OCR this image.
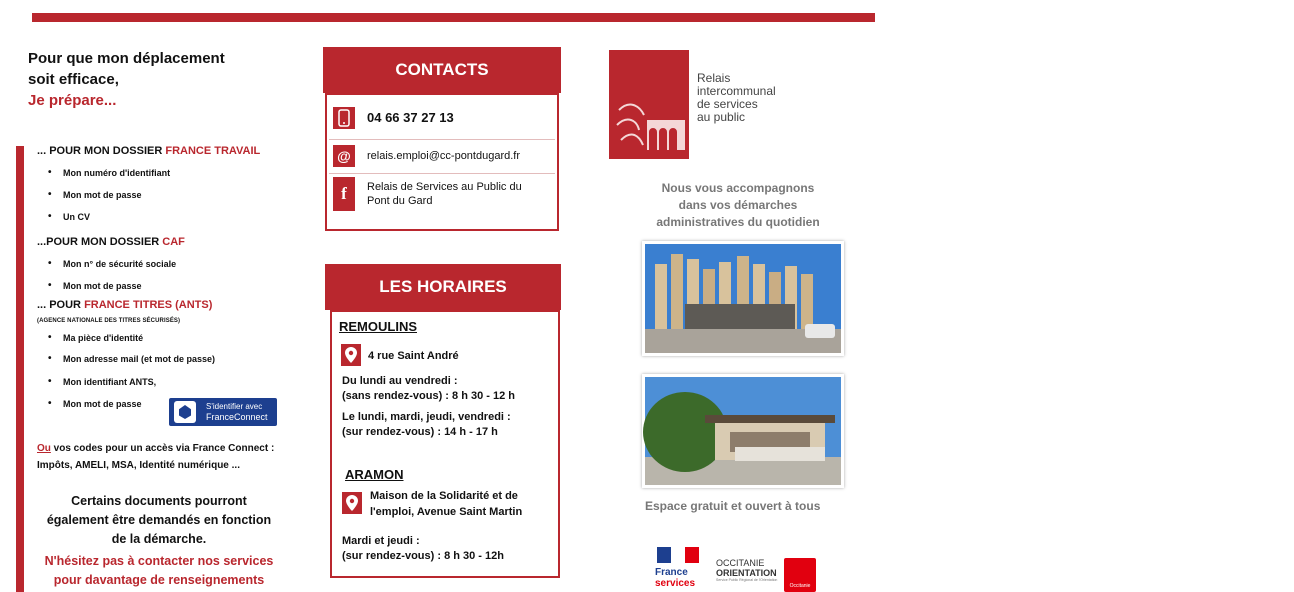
Pour que mon déplacement
soit efficace,
Je prépare...
... POUR MON DOSSIER FRANCE TRAVAIL
• Mon numéro d'identifiant
• Mon mot de passe
• Un CV
...POUR MON DOSSIER CAF
• Mon n° de sécurité sociale
• Mon mot de passe
... POUR FRANCE TITRES (ANTS)
(AGENCE NATIONALE DES TITRES SÉCURISÉS)
• Ma pièce d'identité
• Mon adresse mail (et mot de passe)
• Mon identifiant ANTS,
• Mon mot de passe	S'identifier avec
FranceConnect
Ou vos codes pour un accès via France Connect :
Impôts, AMELI, MSA, Identité numérique ...
Certains documents pourront
également être demandés en fonction
de la démarche.
N'hésitez pas à contacter nos services
pour davantage de renseignements
CONTACTS
04 66 37 27 13
@ relais.emploi@cc-pontdugard.fr
f Relais de Services au Public du
Pont du Gard
LES HORAIRES
REMOULINS
4 rue Saint André
Du lundi au vendredi :
(sans rendez-vous) : 8 h 30 - 12 h
Le lundi, mardi, jeudi, vendredi :
(sur rendez-vous) : 14 h - 17 h
ARAMON
Maison de la Solidarité et de
l'emploi, Avenue Saint Martin
Mardi et jeudi :
(sur rendez-vous) : 8 h 30 - 12h
COMMUNAUTÉ
DE COMMUNES
PONT DU GARD
Relais
intercommunal
de services
au public
Nous vous accompagnons
dans vos démarches
administratives du quotidien
Espace gratuit et ouvert à tous
France
services
OCCITANIE
ORIENTATION
Service Public Régional de l'Orientation
Occitanie
